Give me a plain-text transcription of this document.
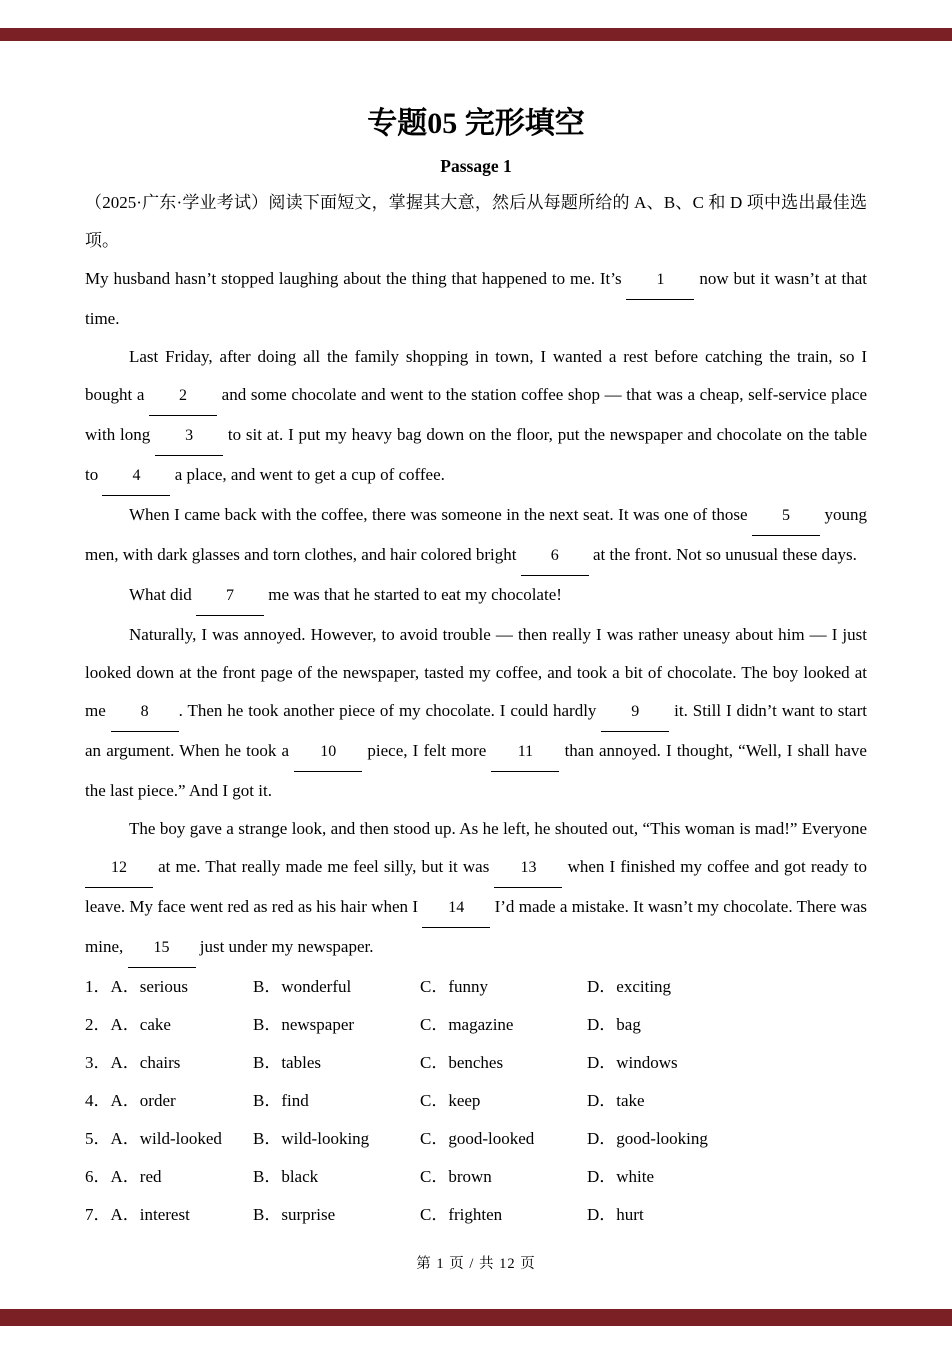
专题05 完形填空
Passage 1
（2025·广东·学业考试）阅读下面短文，掌握其大意，然后从每题所给的 A、B、C 和 D 项中选出最佳选项。
My husband hasn’t stopped laughing about the thing that happened to me. It’s 1 now but it wasn’t at that time.
Last Friday, after doing all the family shopping in town, I wanted a rest before catching the train, so I bought a 2 and some chocolate and went to the station coffee shop — that was a cheap, self-service place with long 3 to sit at. I put my heavy bag down on the floor, put the newspaper and chocolate on the table to 4 a place, and went to get a cup of coffee.
When I came back with the coffee, there was someone in the next seat. It was one of those 5 young men, with dark glasses and torn clothes, and hair colored bright 6 at the front. Not so unusual these days.
What did 7 me was that he started to eat my chocolate!
Naturally, I was annoyed. However, to avoid trouble — then really I was rather uneasy about him — I just looked down at the front page of the newspaper, tasted my coffee, and took a bit of chocolate. The boy looked at me 8 . Then he took another piece of my chocolate. I could hardly 9 it. Still I didn’t want to start an argument. When he took a 10 piece, I felt more 11 than annoyed. I thought, “Well, I shall have the last piece.” And I got it.
The boy gave a strange look, and then stood up. As he left, he shouted out, “This woman is mad!” Everyone 12 at me. That really made me feel silly, but it was 13 when I finished my coffee and got ready to leave. My face went red as red as his hair when I 14 I’d made a mistake. It wasn’t my chocolate. There was mine, 15 just under my newspaper.
1．A．serious	B．wonderful	C．funny	D．exciting
2．A．cake	B．newspaper	C．magazine	D．bag
3．A．chairs	B．tables	C．benches	D．windows
4．A．order	B．find	C．keep	D．take
5．A．wild-looked	B．wild-looking	C．good-looked	D．good-looking
6．A．red	B．black	C．brown	D．white
7．A．interest	B．surprise	C．frighten	D．hurt
第 1 页 / 共 12 页
